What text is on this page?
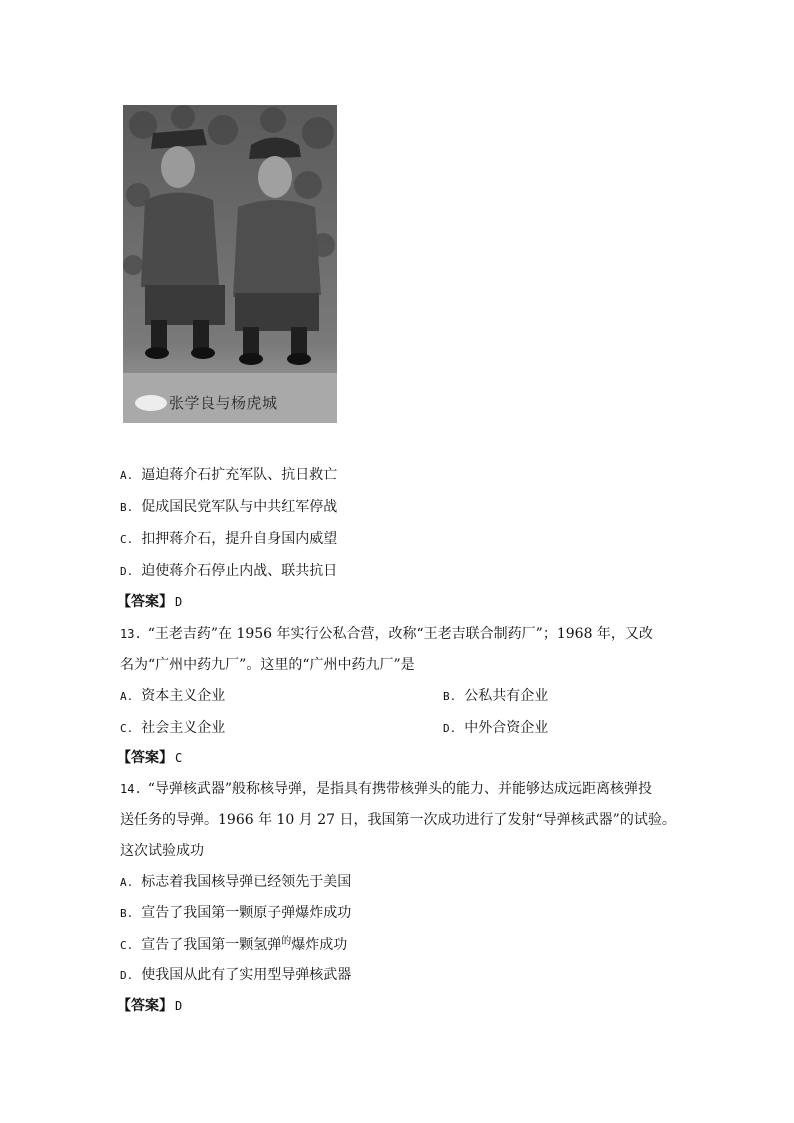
张学良与杨虎城
A. 逼迫蒋介石扩充军队、抗日救亡
B. 促成国民党军队与中共红军停战
C. 扣押蒋介石，提升自身国内威望
D. 迫使蒋介石停止内战、联共抗日
【答案】 D
13. “王老吉药”在 1956 年实行公私合营，改称“王老吉联合制药厂”；1968 年，又改
名为“广州中药九厂”。这里的“广州中药九厂”是
A. 资本主义企业	B. 公私共有企业
C. 社会主义企业	D. 中外合资企业
【答案】 C
14. “导弹核武器”般称核导弹，是指具有携带核弹头的能力、并能够达成远距离核弹投
送任务的导弹。1966 年 10 月 27 日，我国第一次成功进行了发射“导弹核武器”的试验。
这次试验成功
A. 标志着我国核导弹已经领先于美国
B. 宣告了我国第一颗原子弹爆炸成功
C. 宣告了我国第一颗氢弹$^的$爆炸成功
D. 使我国从此有了实用型导弹核武器
【答案】 D
